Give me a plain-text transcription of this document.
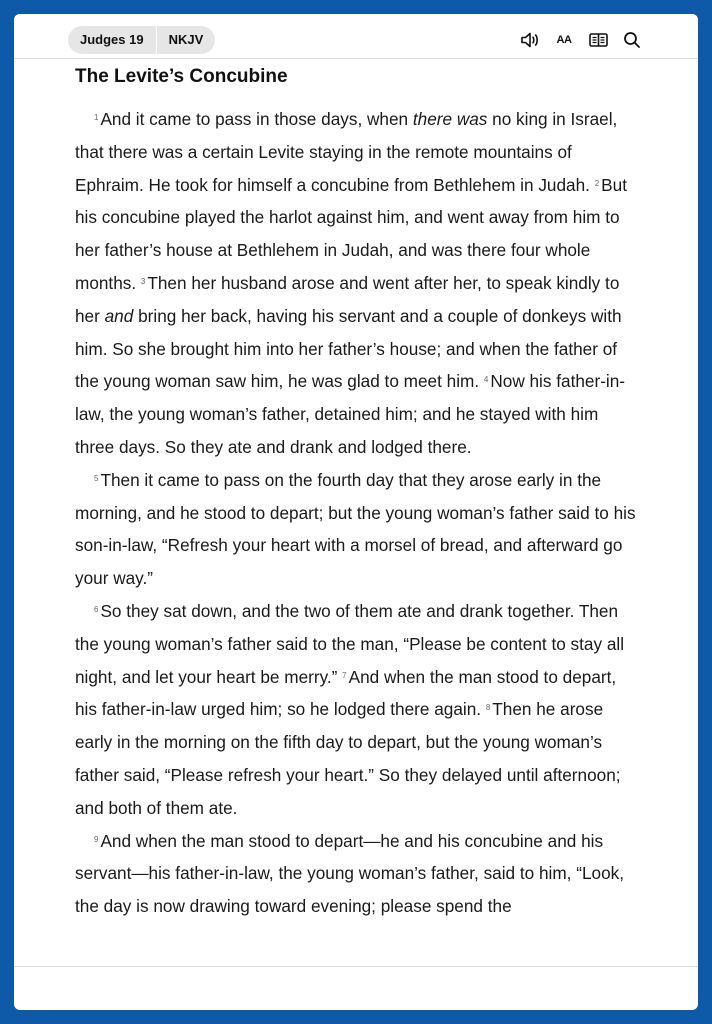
Judges 19	NKJV	AA
The Levite’s Concubine

$^1$ And it came to pass in those days, when there was no king in Israel, that there was a certain Levite staying in the remote mountains of Ephraim. He took for himself a concubine from Bethlehem in Judah. $^2$ But his concubine played the harlot against him, and went away from him to her father’s house at Bethlehem in Judah, and was there four whole months. $^3$ Then her husband arose and went after her, to speak kindly to her and bring her back, having his servant and a couple of donkeys with him. So she brought him into her father’s house; and when the father of the young woman saw him, he was glad to meet him. $^4$ Now his father-in-law, the young woman’s father, detained him; and he stayed with him three days. So they ate and drank and lodged there.

$^5$ Then it came to pass on the fourth day that they arose early in the morning, and he stood to depart; but the young woman’s father said to his son-in-law, “Refresh your heart with a morsel of bread, and afterward go your way.”

$^6$ So they sat down, and the two of them ate and drank together. Then the young woman’s father said to the man, “Please be content to stay all night, and let your heart be merry.” $^7$ And when the man stood to depart, his father-in-law urged him; so he lodged there again. $^8$ Then he arose early in the morning on the fifth day to depart, but the young woman’s father said, “Please refresh your heart.” So they delayed until afternoon; and both of them ate.

$^9$ And when the man stood to depart—he and his concubine and his servant—his father-in-law, the young woman’s father, said to him, “Look, the day is now drawing toward evening; please spend the
